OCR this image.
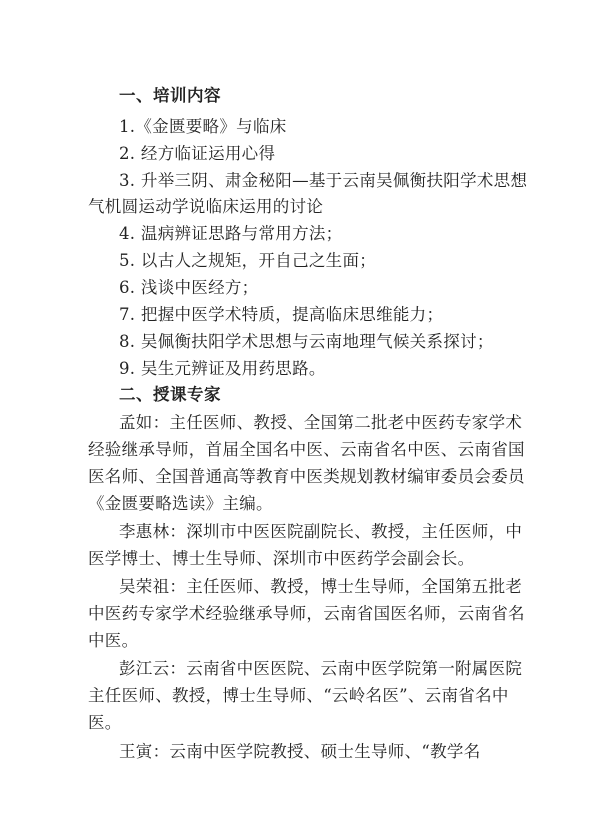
一、培训内容
1.《金匮要略》与临床
2. 经方临证运用心得
3. 升举三阴、肃金秘阳—基于云南吴佩衡扶阳学术思想
气机圆运动学说临床运用的讨论
4. 温病辨证思路与常用方法；
5. 以古人之规矩，开自己之生面；
6. 浅谈中医经方；
7. 把握中医学术特质，提高临床思维能力；
8. 吴佩衡扶阳学术思想与云南地理气候关系探讨；
9. 吴生元辨证及用药思路。
二、授课专家
孟如：主任医师、教授、全国第二批老中医药专家学术
经验继承导师，首届全国名中医、云南省名中医、云南省国
医名师、全国普通高等教育中医类规划教材编审委员会委员
《金匮要略选读》主编。
李惠林：深圳市中医医院副院长、教授，主任医师，中
医学博士、博士生导师、深圳市中医药学会副会长。
吴荣祖：主任医师、教授，博士生导师，全国第五批老
中医药专家学术经验继承导师，云南省国医名师，云南省名
中医。
彭江云：云南省中医医院、云南中医学院第一附属医院
主任医师、教授，博士生导师、“云岭名医”、云南省名中
医。
王寅：云南中医学院教授、硕士生导师、“教学名
